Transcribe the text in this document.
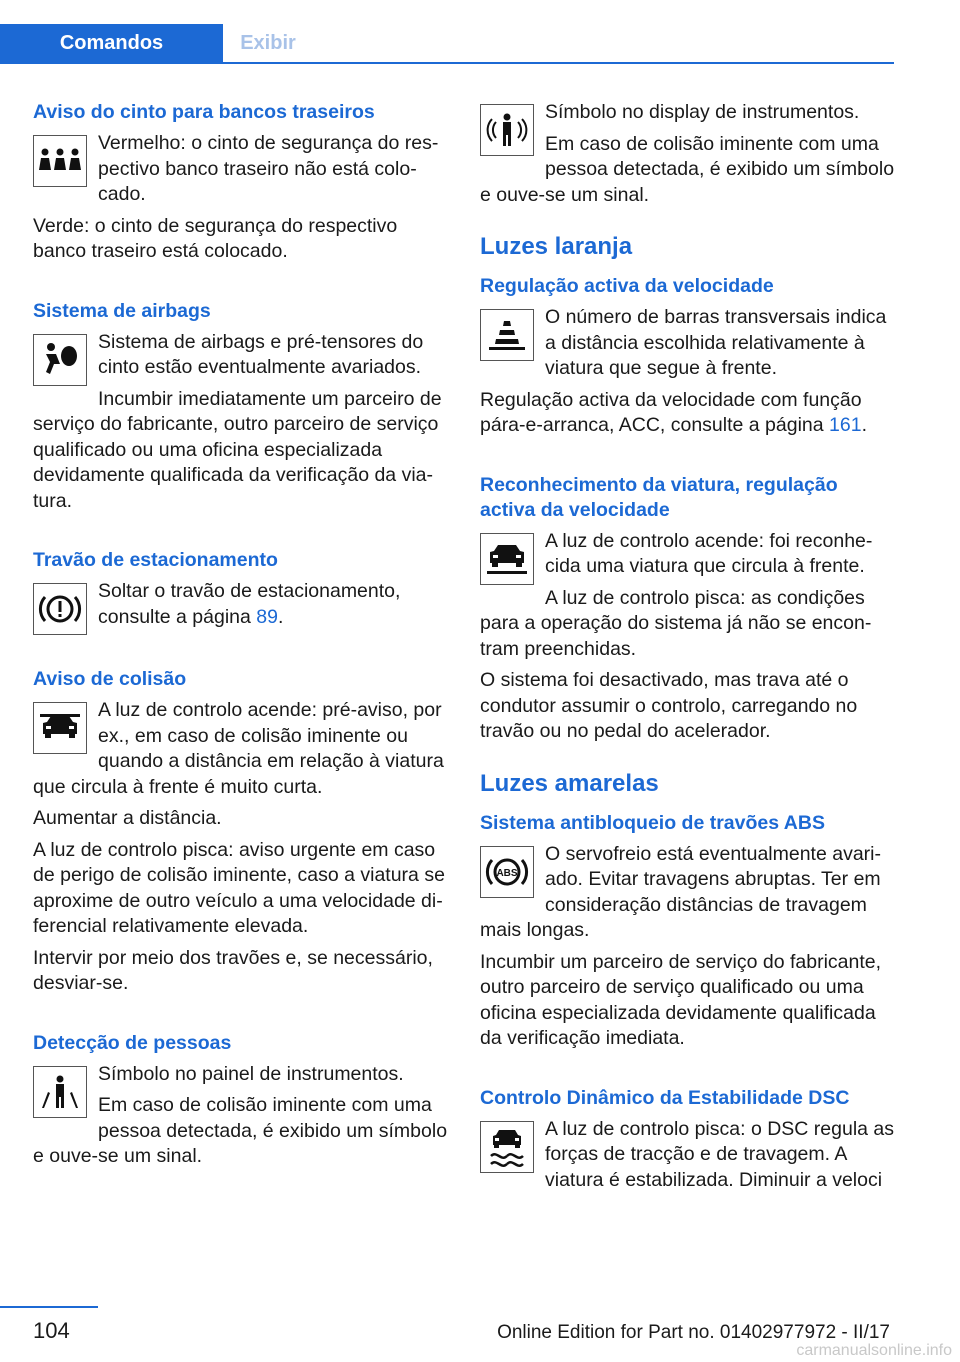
Comandos	Exibir
Aviso do cinto para bancos traseiros
Vermelho: o cinto de segurança do respectivo banco traseiro não está colocado.
Verde: o cinto de segurança do respectivo banco traseiro está colocado.
Sistema de airbags
Sistema de airbags e pré-tensores do cinto estão eventualmente avariados.
Incumbir imediatamente um parceiro de serviço do fabricante, outro parceiro de serviço qualificado ou uma oficina especializada devidamente qualificada da verificação da viatura.
Travão de estacionamento
Soltar o travão de estacionamento, consulte a página 89.
Aviso de colisão
A luz de controlo acende: pré-aviso, por ex., em caso de colisão iminente ou quando a distância em relação à viatura que circula à frente é muito curta.
Aumentar a distância.
A luz de controlo pisca: aviso urgente em caso de perigo de colisão iminente, caso a viatura se aproxime de outro veículo a uma velocidade diferencial relativamente elevada.
Intervir por meio dos travões e, se necessário, desviar-se.
Detecção de pessoas
Símbolo no painel de instrumentos.
Em caso de colisão iminente com uma pessoa detectada, é exibido um símbolo e ouve-se um sinal.
Símbolo no display de instrumentos.
Em caso de colisão iminente com uma pessoa detectada, é exibido um símbolo e ouve-se um sinal.
Luzes laranja
Regulação activa da velocidade
O número de barras transversais indica a distância escolhida relativamente à viatura que segue à frente.
Regulação activa da velocidade com função pára-e-arranca, ACC, consulte a página 161.
Reconhecimento da viatura, regulação activa da velocidade
A luz de controlo acende: foi reconhecida uma viatura que circula à frente.
A luz de controlo pisca: as condições para a operação do sistema já não se encontram preenchidas.
O sistema foi desactivado, mas trava até o condutor assumir o controlo, carregando no travão ou no pedal do acelerador.
Luzes amarelas
Sistema antibloqueio de travões ABS
ABS
O servofreio está eventualmente avariado. Evitar travagens abruptas. Ter em consideração distâncias de travagem mais longas.
Incumbir um parceiro de serviço do fabricante, outro parceiro de serviço qualificado ou uma oficina especializada devidamente qualificada da verificação imediata.
Controlo Dinâmico da Estabilidade DSC
A luz de controlo pisca: o DSC regula as forças de tracção e de travagem. A viatura é estabilizada. Diminuir a veloci
104	Online Edition for Part no. 01402977972 - II/17
carmanualsonline.info
